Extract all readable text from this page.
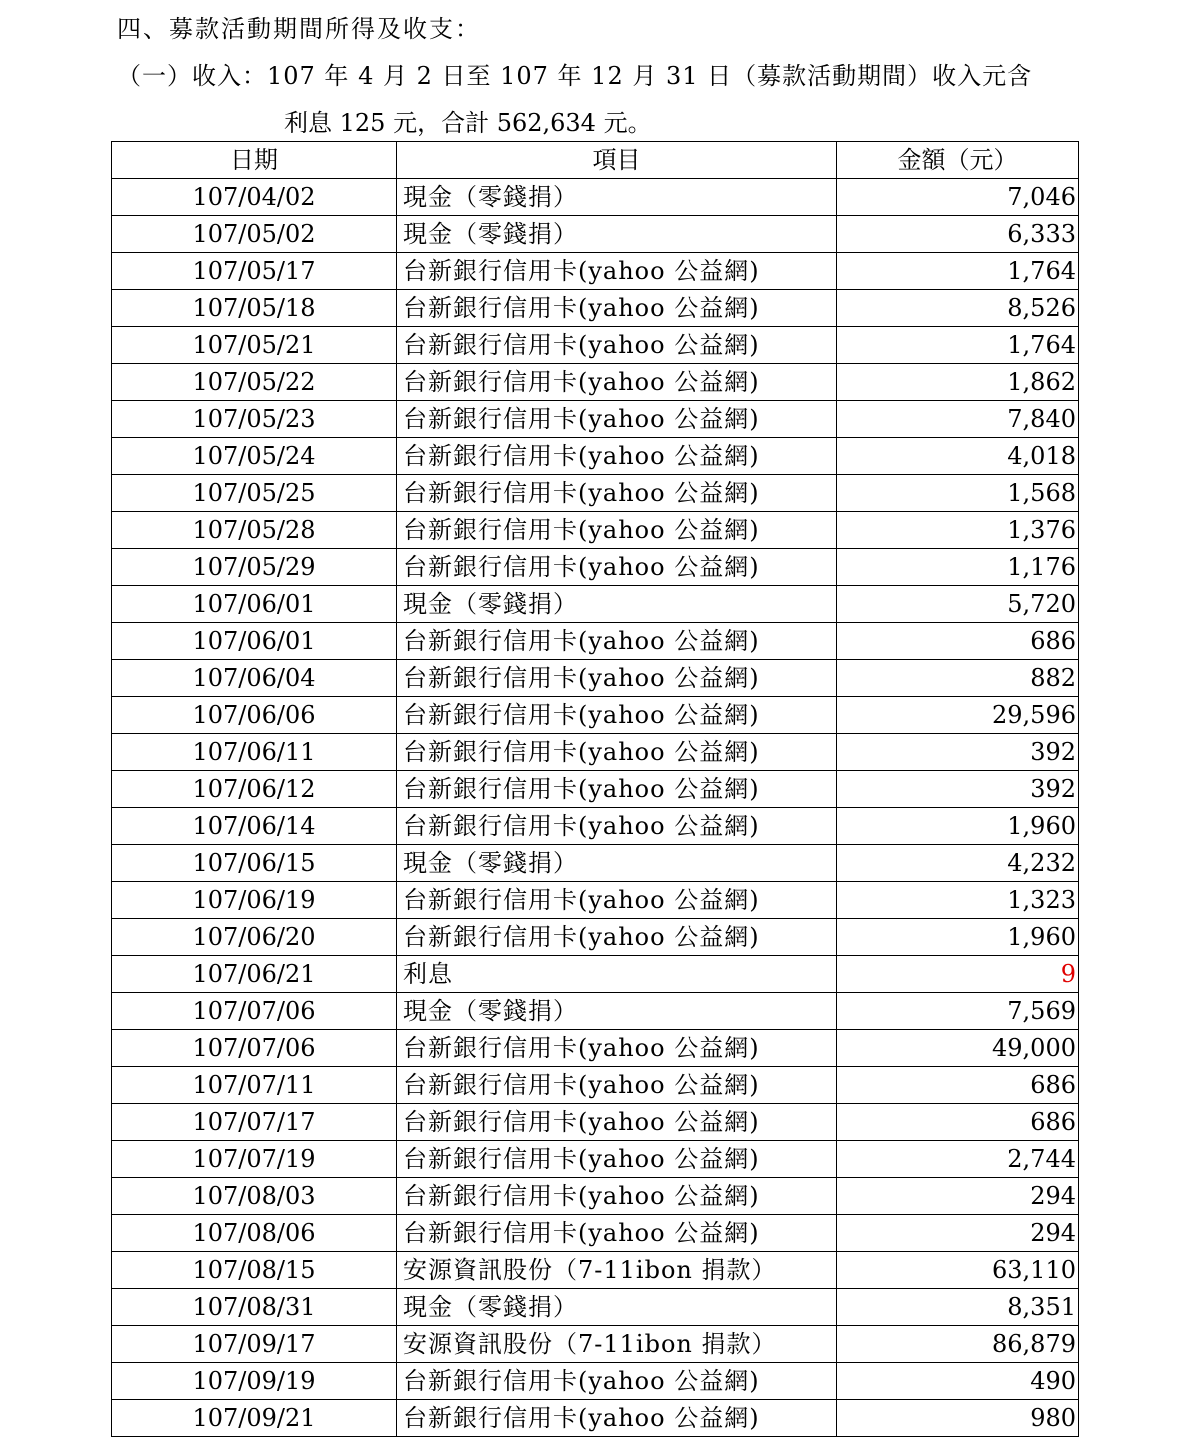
四、募款活動期間所得及收支：
（一）收入：107 年 4 月 2 日至 107 年 12 月 31 日（募款活動期間）收入元含
利息 125 元，合計 562,634 元。
日期	項目	金額（元）
107/04/02	現金（零錢捐）	7,046
107/05/02	現金（零錢捐）	6,333
107/05/17	台新銀行信用卡(yahoo 公益網)	1,764
107/05/18	台新銀行信用卡(yahoo 公益網)	8,526
107/05/21	台新銀行信用卡(yahoo 公益網)	1,764
107/05/22	台新銀行信用卡(yahoo 公益網)	1,862
107/05/23	台新銀行信用卡(yahoo 公益網)	7,840
107/05/24	台新銀行信用卡(yahoo 公益網)	4,018
107/05/25	台新銀行信用卡(yahoo 公益網)	1,568
107/05/28	台新銀行信用卡(yahoo 公益網)	1,376
107/05/29	台新銀行信用卡(yahoo 公益網)	1,176
107/06/01	現金（零錢捐）	5,720
107/06/01	台新銀行信用卡(yahoo 公益網)	686
107/06/04	台新銀行信用卡(yahoo 公益網)	882
107/06/06	台新銀行信用卡(yahoo 公益網)	29,596
107/06/11	台新銀行信用卡(yahoo 公益網)	392
107/06/12	台新銀行信用卡(yahoo 公益網)	392
107/06/14	台新銀行信用卡(yahoo 公益網)	1,960
107/06/15	現金（零錢捐）	4,232
107/06/19	台新銀行信用卡(yahoo 公益網)	1,323
107/06/20	台新銀行信用卡(yahoo 公益網)	1,960
107/06/21	利息	9
107/07/06	現金（零錢捐）	7,569
107/07/06	台新銀行信用卡(yahoo 公益網)	49,000
107/07/11	台新銀行信用卡(yahoo 公益網)	686
107/07/17	台新銀行信用卡(yahoo 公益網)	686
107/07/19	台新銀行信用卡(yahoo 公益網)	2,744
107/08/03	台新銀行信用卡(yahoo 公益網)	294
107/08/06	台新銀行信用卡(yahoo 公益網)	294
107/08/15	安源資訊股份（7-11ibon 捐款）	63,110
107/08/31	現金（零錢捐）	8,351
107/09/17	安源資訊股份（7-11ibon 捐款）	86,879
107/09/19	台新銀行信用卡(yahoo 公益網)	490
107/09/21	台新銀行信用卡(yahoo 公益網)	980
